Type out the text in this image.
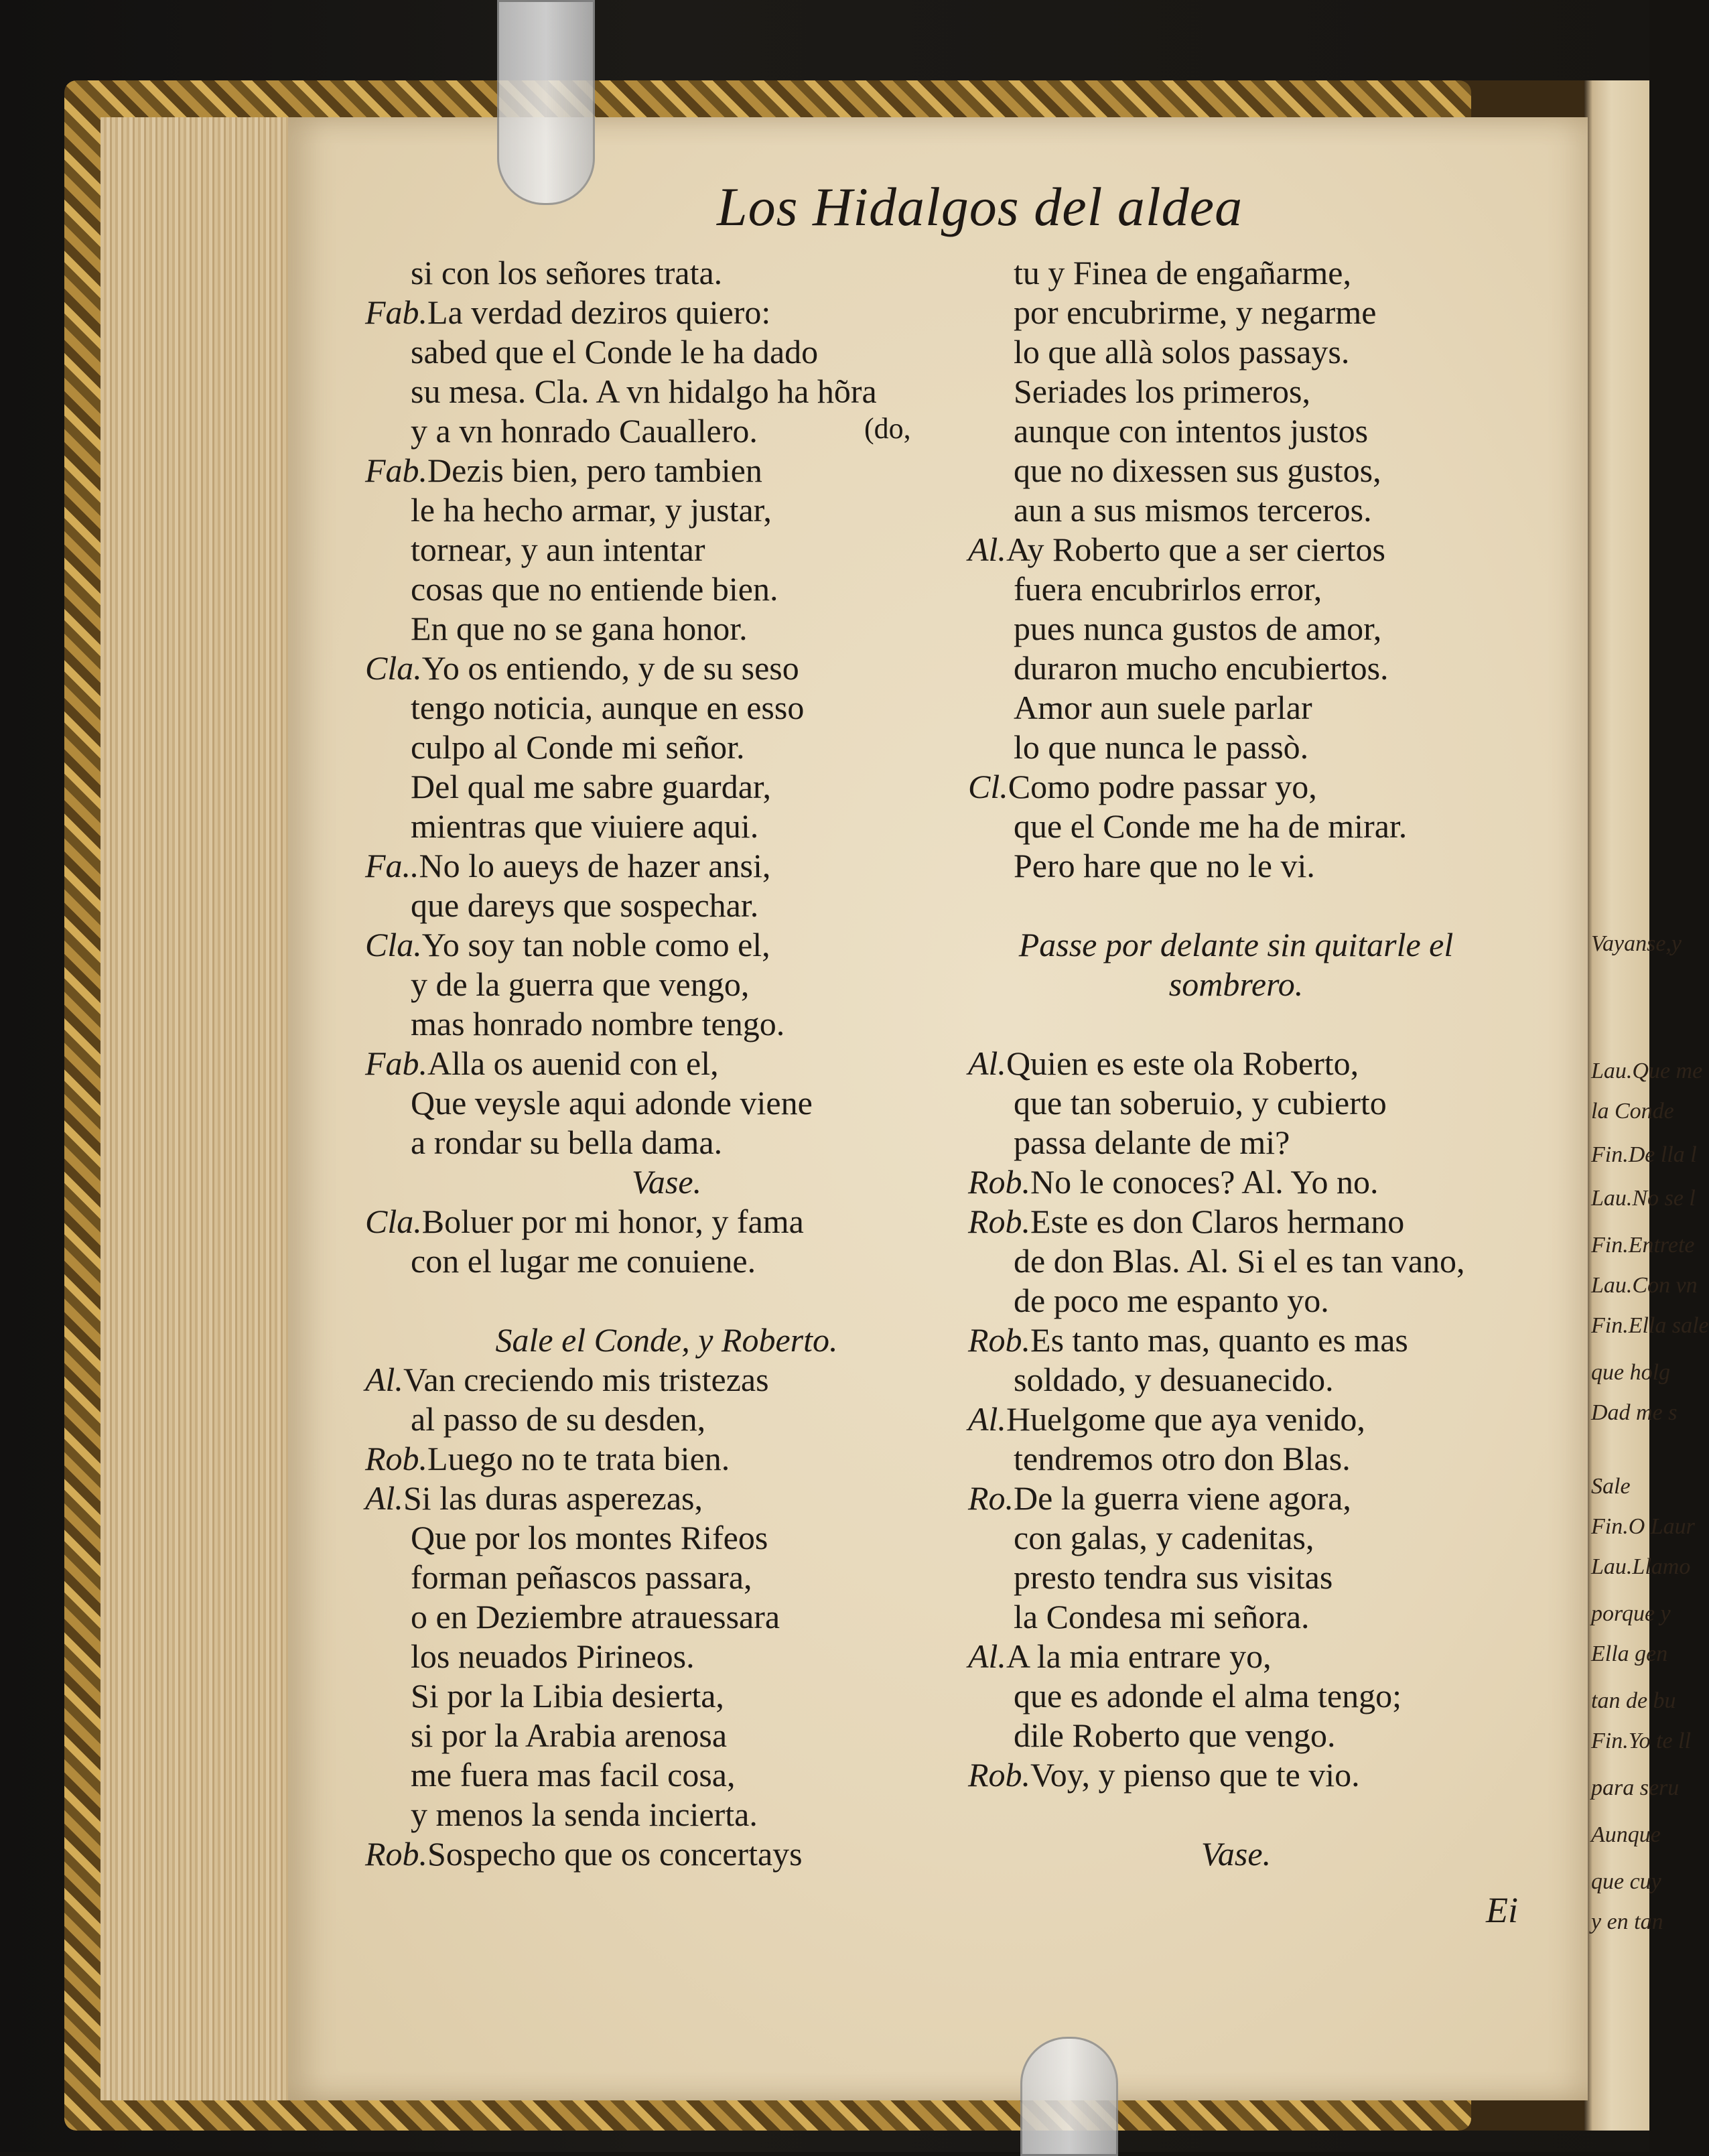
Los Hidalgos del aldea
si con los señores trata.
Fab.La verdad deziros quiero:
sabed que el Conde le ha dado
su mesa. Cla. A vn hidalgo ha hõra
y a vn honrado Cauallero.
Fab.Dezis bien, pero tambien
le ha hecho armar, y justar,
tornear, y aun intentar
cosas que no entiende bien.
En que no se gana honor.
Cla.Yo os entiendo, y de su seso
tengo noticia, aunque en esso
culpo al Conde mi señor.
Del qual me sabre guardar,
mientras que viuiere aqui.
Fa..No lo aueys de hazer ansi,
que dareys que sospechar.
Cla.Yo soy tan noble como el,
y de la guerra que vengo,
mas honrado nombre tengo.
Fab.Alla os auenid con el,
Que veysle aqui adonde viene
a rondar su bella dama.
Vase.
Cla.Boluer por mi honor, y fama
con el lugar me conuiene.
Sale el Conde, y Roberto.
Al.Van creciendo mis tristezas
al passo de su desden,
Rob.Luego no te trata bien.
Al.Si las duras asperezas,
Que por los montes Rifeos
forman peñascos passara,
o en Deziembre atrauessara
los neuados Pirineos.
Si por la Libia desierta,
si por la Arabia arenosa
me fuera mas facil cosa,
y menos la senda incierta.
Rob.Sospecho que os concertays
tu y Finea de engañarme,
por encubrirme, y negarme
lo que allà solos passays.
Seriades los primeros,
aunque con intentos justos
que no dixessen sus gustos,
aun a sus mismos terceros.
Al.Ay Roberto que a ser ciertos
fuera encubrirlos error,
pues nunca gustos de amor,
duraron mucho encubiertos.
Amor aun suele parlar
lo que nunca le passò.
Cl.Como podre passar yo,
que el Conde me ha de mirar.
Pero hare que no le vi.
Passe por delante sin quitarle el
sombrero.
Al.Quien es este ola Roberto,
que tan soberuio, y cubierto
passa delante de mi?
Rob.No le conoces? Al. Yo no.
Rob.Este es don Claros hermano
de don Blas. Al. Si el es tan vano,
de poco me espanto yo.
Rob.Es tanto mas, quanto es mas
soldado, y desuanecido.
Al.Huelgome que aya venido,
tendremos otro don Blas.
Ro.De la guerra viene agora,
con galas, y cadenitas,
presto tendra sus visitas
la Condesa mi señora.
Al.A la mia entrare yo,
que es adonde el alma tengo;
dile Roberto que vengo.
Rob.Voy, y pienso que te vio.
Vase.
(do,
Ei
Vayanse,y
Lau.Que me
la Conde
Fin.De lla l
Lau.No se l
Fin.Entrete
Lau.Con vn
Fin.Ella sale
que holg
Dad me s
Sale
Fin.O Laur
Lau.Llamo
porque y
Ella gen
tan de bu
Fin.Yo te ll
para seru
Aunque
que cuy
y en tan
